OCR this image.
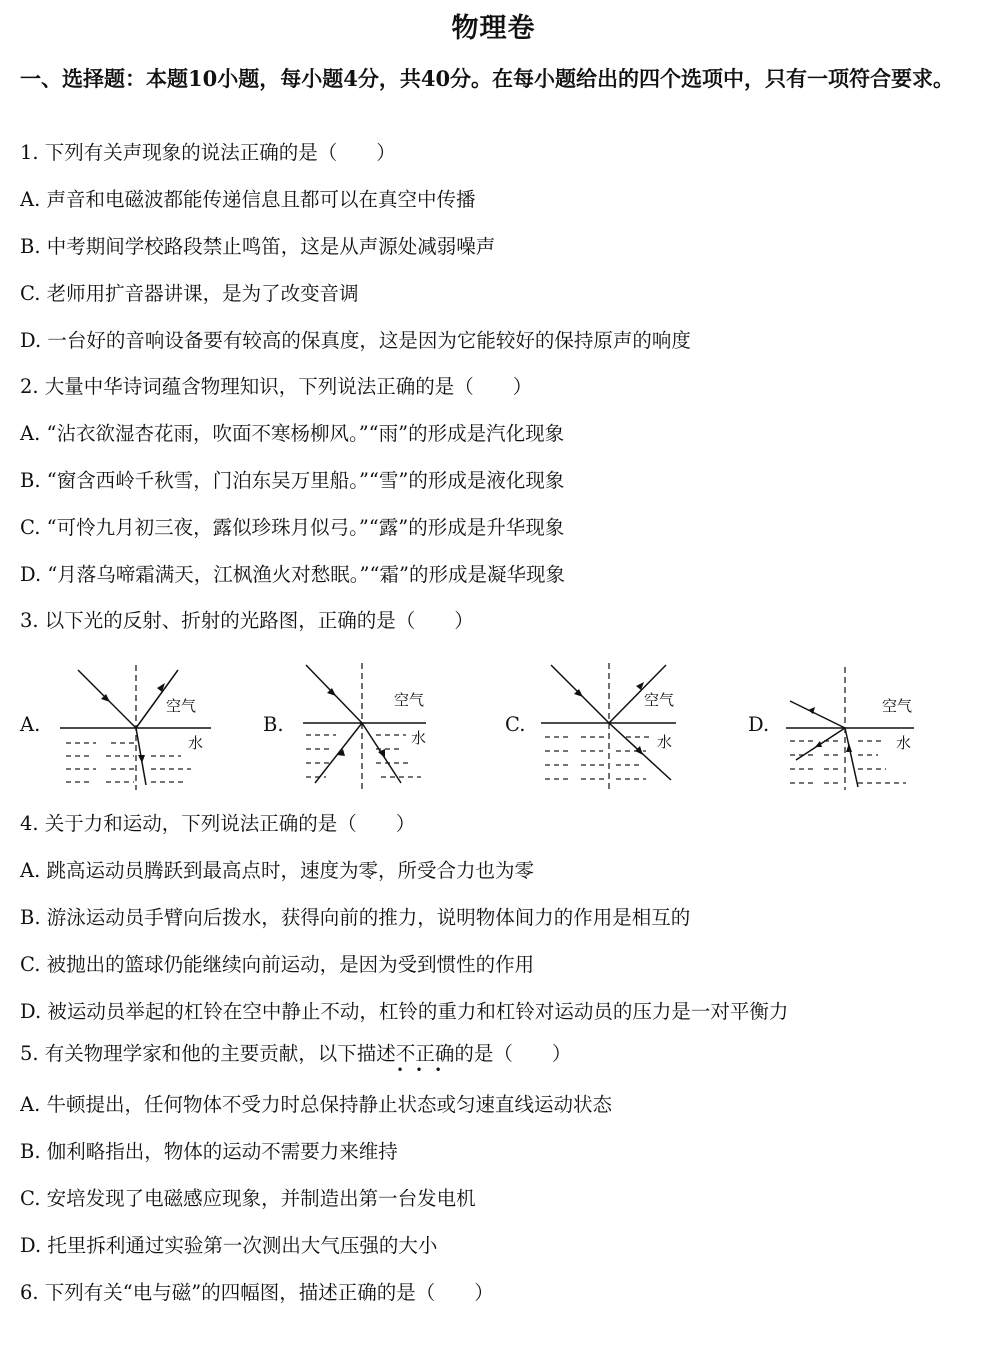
物理卷
一、选择题：本题10小题，每小题4分，共40分。在每小题给出的四个选项中，只有一项符合要求。
1. 下列有关声现象的说法正确的是（　　）
A. 声音和电磁波都能传递信息且都可以在真空中传播
B. 中考期间学校路段禁止鸣笛，这是从声源处减弱噪声
C. 老师用扩音器讲课，是为了改变音调
D. 一台好的音响设备要有较高的保真度，这是因为它能较好的保持原声的响度
2. 大量中华诗词蕴含物理知识，下列说法正确的是（　　）
A. “沾衣欲湿杏花雨，吹面不寒杨柳风。”“雨”的形成是汽化现象
B. “窗含西岭千秋雪，门泊东吴万里船。”“雪”的形成是液化现象
C. “可怜九月初三夜，露似珍珠月似弓。”“露”的形成是升华现象
D. “月落乌啼霜满天，江枫渔火对愁眠。”“霜”的形成是凝华现象
3. 以下光的反射、折射的光路图，正确的是（　　）
A.
空气
水
B.
空气
水
C.
空气
水
D.
空气
水
4. 关于力和运动，下列说法正确的是（　　）
A. 跳高运动员腾跃到最高点时，速度为零，所受合力也为零
B. 游泳运动员手臂向后拨水，获得向前的推力，说明物体间力的作用是相互的
C. 被抛出的篮球仍能继续向前运动，是因为受到惯性的作用
D. 被运动员举起的杠铃在空中静止不动，杠铃的重力和杠铃对运动员的压力是一对平衡力
5. 有关物理学家和他的主要贡献，以下描述不正确
•••
的是（　　）
A. 牛顿提出，任何物体不受力时总保持静止状态或匀速直线运动状态
B. 伽利略指出，物体的运动不需要力来维持
C. 安培发现了电磁感应现象，并制造出第一台发电机
D. 托里拆利通过实验第一次测出大气压强的大小
6. 下列有关“电与磁”的四幅图，描述正确的是（　　）
